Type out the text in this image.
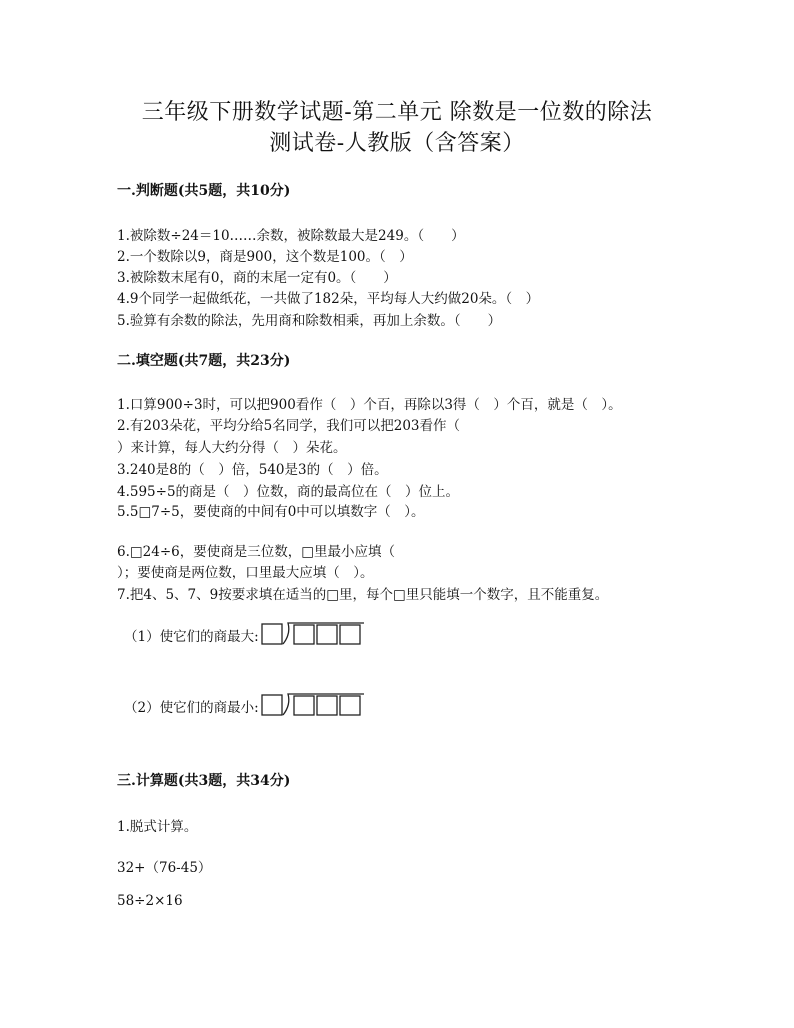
三年级下册数学试题-第二单元 除数是一位数的除法
测试卷-人教版（含答案）
一.判断题(共5题，共10分)
1.被除数÷24＝10……余数，被除数最大是249。（　　）
2.一个数除以9，商是900，这个数是100。（　）
3.被除数末尾有0，商的末尾一定有0。（　　）
4.9个同学一起做纸花，一共做了182朵，平均每人大约做20朵。（　）
5.验算有余数的除法，先用商和除数相乘，再加上余数。（　　）
二.填空题(共7题，共23分)
1.口算900÷3时，可以把900看作（　）个百，再除以3得（　）个百，就是（　）。
2.有203朵花，平均分给5名同学，我们可以把203看作（
）来计算，每人大约分得（　）朵花。
3.240是8的（　）倍，540是3的（　）倍。
4.595÷5的商是（　）位数，商的最高位在（　）位上。
5.5□7÷5，要使商的中间有0中可以填数字（　）。
6.□24÷6，要使商是三位数，□里最小应填（
）；要使商是两位数，口里最大应填（　）。
7.把4、5、7、9按要求填在适当的□里，每个□里只能填一个数字，且不能重复。
（1）使它们的商最大:
（2）使它们的商最小:
三.计算题(共3题，共34分)
1.脱式计算。
32+（76-45）
58÷2×16
